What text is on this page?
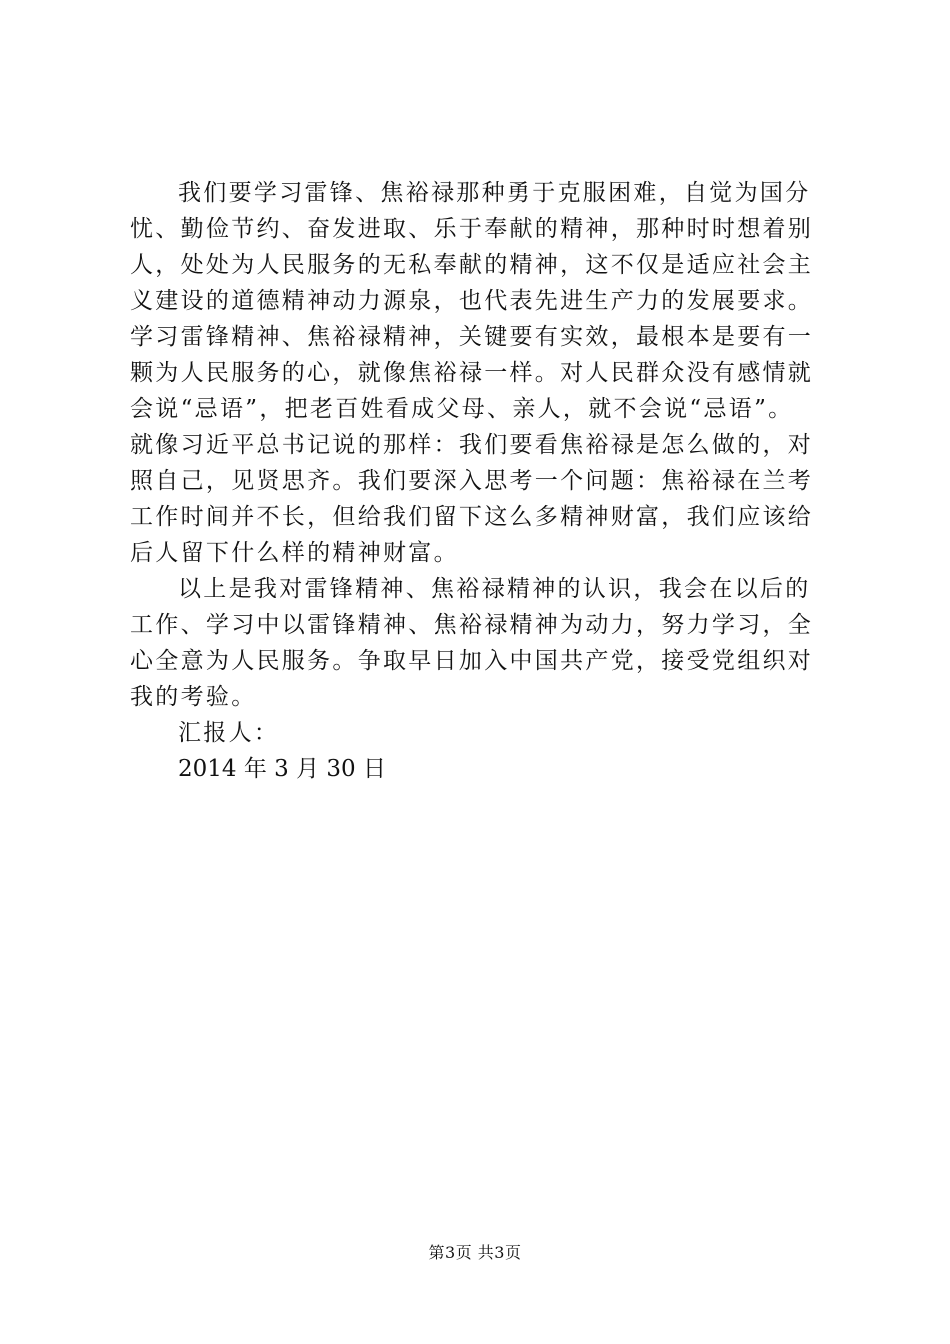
我们要学习雷锋、焦裕禄那种勇于克服困难，自觉为国分
忧、勤俭节约、奋发进取、乐于奉献的精神，那种时时想着别
人，处处为人民服务的无私奉献的精神，这不仅是适应社会主
义建设的道德精神动力源泉，也代表先进生产力的发展要求。
学习雷锋精神、焦裕禄精神，关键要有实效，最根本是要有一
颗为人民服务的心，就像焦裕禄一样。对人民群众没有感情就
会说“忌语”，把老百姓看成父母、亲人，就不会说“忌语”。
就像习近平总书记说的那样：我们要看焦裕禄是怎么做的，对
照自己，见贤思齐。我们要深入思考一个问题：焦裕禄在兰考
工作时间并不长，但给我们留下这么多精神财富，我们应该给
后人留下什么样的精神财富。
以上是我对雷锋精神、焦裕禄精神的认识，我会在以后的
工作、学习中以雷锋精神、焦裕禄精神为动力，努力学习，全
心全意为人民服务。争取早日加入中国共产党，接受党组织对
我的考验。
汇报人：
2014 年 3 月 30 日
第3页 共3页
